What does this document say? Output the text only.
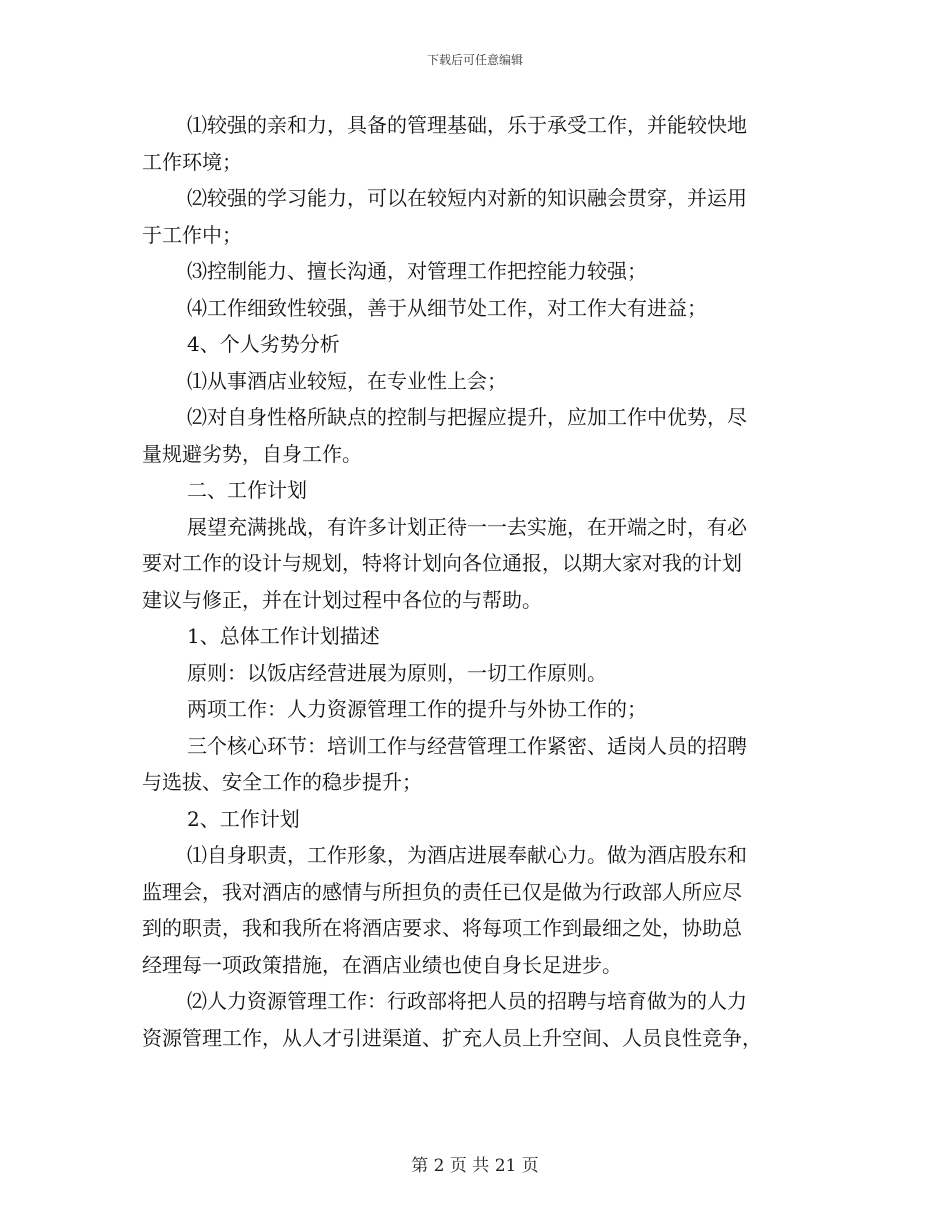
下载后可任意编辑
⑴较强的亲和力，具备的管理基础，乐于承受工作，并能较快地
工作环境；
⑵较强的学习能力，可以在较短内对新的知识融会贯穿，并运用
于工作中；
⑶控制能力、擅长沟通，对管理工作把控能力较强；
⑷工作细致性较强，善于从细节处工作，对工作大有进益；
4、个人劣势分析
⑴从事酒店业较短，在专业性上会；
⑵对自身性格所缺点的控制与把握应提升，应加工作中优势，尽
量规避劣势，自身工作。
二、工作计划
展望充满挑战，有许多计划正待一一去实施，在开端之时，有必
要对工作的设计与规划，特将计划向各位通报，以期大家对我的计划
建议与修正，并在计划过程中各位的与帮助。
1、总体工作计划描述
原则：以饭店经营进展为原则，一切工作原则。
两项工作：人力资源管理工作的提升与外协工作的；
三个核心环节：培训工作与经营管理工作紧密、适岗人员的招聘
与选拔、安全工作的稳步提升；
2、工作计划
⑴自身职责，工作形象，为酒店进展奉献心力。做为酒店股东和
监理会，我对酒店的感情与所担负的责任已仅是做为行政部人所应尽
到的职责，我和我所在将酒店要求、将每项工作到最细之处，协助总
经理每一项政策措施，在酒店业绩也使自身长足进步。
⑵人力资源管理工作：行政部将把人员的招聘与培育做为的人力
资源管理工作，从人才引进渠道、扩充人员上升空间、人员良性竞争，
第 2 页 共 21 页
